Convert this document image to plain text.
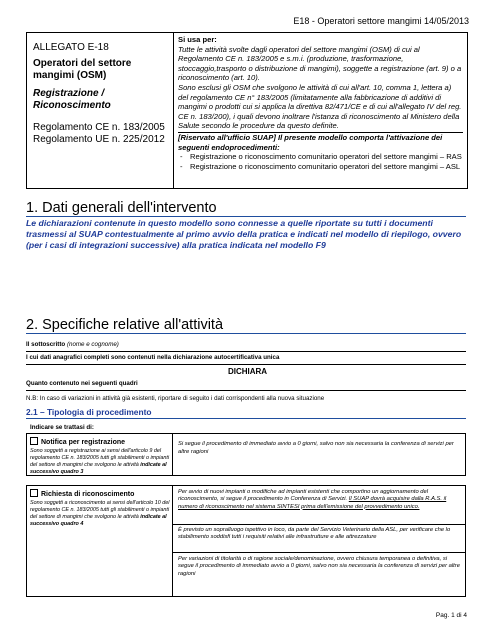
E18 - Operatori settore mangimi 14/05/2013
ALLEGATO E-18
Operatori del settore mangimi (OSM)
Registrazione / Riconoscimento
Regolamento CE n. 183/2005
Regolamento UE n. 225/2012
Si usa per:
Tutte le attività svolte dagli operatori del settore mangimi (OSM) di cui al Regolamento CE n. 183/2005 e s.m.i. (produzione, trasformazione, stoccaggio,trasporto o distribuzione di mangimi), soggette a registrazione (art. 9) o a riconoscimento (art. 10).
Sono esclusi gli OSM che svolgono le attività di cui all'art. 10, comma 1, lettera a) del regolamento CE n° 183/2005 (limitatamente alla fabbricazione di additivi di mangimi o prodotti cui si applica la direttiva 82/471/CE e di cui all'allegato IV del reg. CE n. 183/200), i quali devono inoltrare l'istanza di riconoscimento al Ministero della Salute secondo le procedure da questo definite.
[Riservato all'ufficio SUAP] Il presente modello comporta l'attivazione dei seguenti endoprocedimenti:
- Registrazione o riconoscimento comunitario operatori del settore mangimi – RAS
- Registrazione o riconoscimento comunitario operatori del settore mangimi – ASL
1. Dati generali dell'intervento
Le dichiarazioni contenute in questo modello sono connesse a quelle riportate su tutti i documenti trasmessi al SUAP contestualmente al primo avvio della pratica e indicati nel modello di riepilogo, ovvero (per i casi di integrazioni successive) alla pratica indicata nel modello F9
2. Specifiche relative all'attività
Il sottoscritto (nome e cognome)
I cui dati anagrafici completi sono contenuti nella dichiarazione autocertificativa unica
DICHIARA
Quanto contenuto nei seguenti quadri
N.B: In caso di variazioni in attività già esistenti, riportare di seguito i dati corrispondenti alla nuova situazione
2.1 – Tipologia di procedimento
Indicare se trattasi di:
Notifica per registrazione
Sono soggetti a registrazione ai sensi dell'articolo 9 del regolamento CE n. 183/2005 tutti gli stabilimenti o impianti del settore di mangimi che svolgono le attività indicate al successivo quadro 3
Si segue il procedimento di immediato avvio a 0 giorni, salvo non sia necessaria la conferenza di servizi per altre ragioni
Richiesta di riconoscimento
Sono soggetti a riconoscimento ai sensi dell'articolo 10 del regolamento CE n. 183/2005 tutti gli stabilimenti o impianti del settore di mangimi che svolgono le attività indicate al successivo quadro 4
Per avvio di nuovi impianti o modifiche ad impianti esistenti che comportino un aggiornamento del riconoscimento, si segue il procedimento in Conferenza di Servizi. Il SUAP dovrà acquisire dalla R.A.S. il numero di riconoscimento nel sistema SINTESI prima dell'emissione del provvedimento unico.
È previsto un sopralluogo ispettivo in loco, da parte del Servizio Veterinario della ASL, per verificare che lo stabilimento soddisfi tutti i requisiti relativi alle infrastrutture e alle attrezzature
Per variazioni di titolarità o di ragione sociale/denominazione, ovvero chiusura temporanea o definitiva, si segue il procedimento di immediato avvio a 0 giorni, salvo non sia necessaria la conferenza di servizi per altre ragioni
Pag. 1 di 4
